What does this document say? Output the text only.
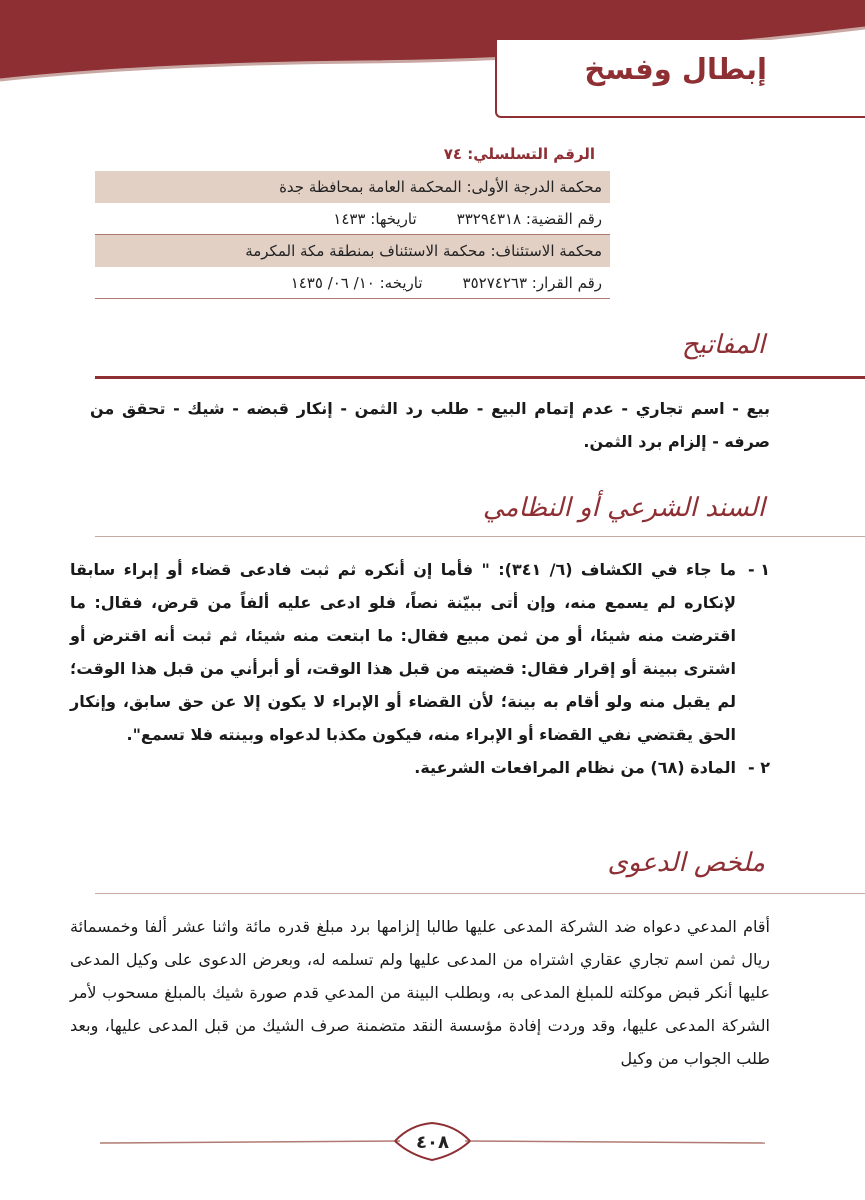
إبطال وفسخ
الرقم التسلسلي: ٧٤
محكمة الدرجة الأولى: المحكمة العامة بمحافظة جدة
رقم القضية: ٣٣٢٩٤٣١٨
تاريخها: ١٤٣٣
محكمة الاستئناف: محكمة الاستئناف بمنطقة مكة المكرمة
رقم القرار: ٣٥٢٧٤٢٦٣
تاريخه: ١٠/ ٠٦/ ١٤٣٥
المفاتيح
بيع - اسم تجاري - عدم إتمام البيع - طلب رد الثمن - إنكار قبضه - شيك - تحقق من صرفه - إلزام برد الثمن.
السند الشرعي أو النظامي
١ -
ما جاء في الكشاف (٦/ ٣٤١): " فأما إن أنكره ثم ثبت فادعى قضاء أو إبراء سابقا لإنكاره لم يسمع منه، وإن أتى ببيّنة نصاً، فلو ادعى عليه ألفاً من قرض، فقال: ما اقترضت منه شيئا، أو من ثمن مبيع فقال: ما ابتعت منه شيئا، ثم ثبت أنه اقترض أو اشترى ببينة أو إقرار فقال: قضيته من قبل هذا الوقت، أو أبرأني من قبل هذا الوقت؛ لم يقبل منه ولو أقام به بينة؛ لأن القضاء أو الإبراء لا يكون إلا عن حق سابق، وإنكار الحق يقتضي نفي القضاء أو الإبراء منه، فيكون مكذبا لدعواه وبينته فلا تسمع".
٢ -
المادة (٦٨) من نظام المرافعات الشرعية.
ملخص الدعوى
أقام المدعي دعواه ضد الشركة المدعى عليها طالبا إلزامها برد مبلغ قدره مائة واثنا عشر ألفا وخمسمائة ريال ثمن اسم تجاري عقاري اشتراه من المدعى عليها ولم تسلمه له، وبعرض الدعوى على وكيل المدعى عليها أنكر قبض موكلته للمبلغ المدعى به، وبطلب البينة من المدعي قدم صورة شيك بالمبلغ مسحوب لأمر الشركة المدعى عليها، وقد وردت إفادة مؤسسة النقد متضمنة صرف الشيك من قبل المدعى عليها، وبعد طلب الجواب من وكيل
٤٠٨
